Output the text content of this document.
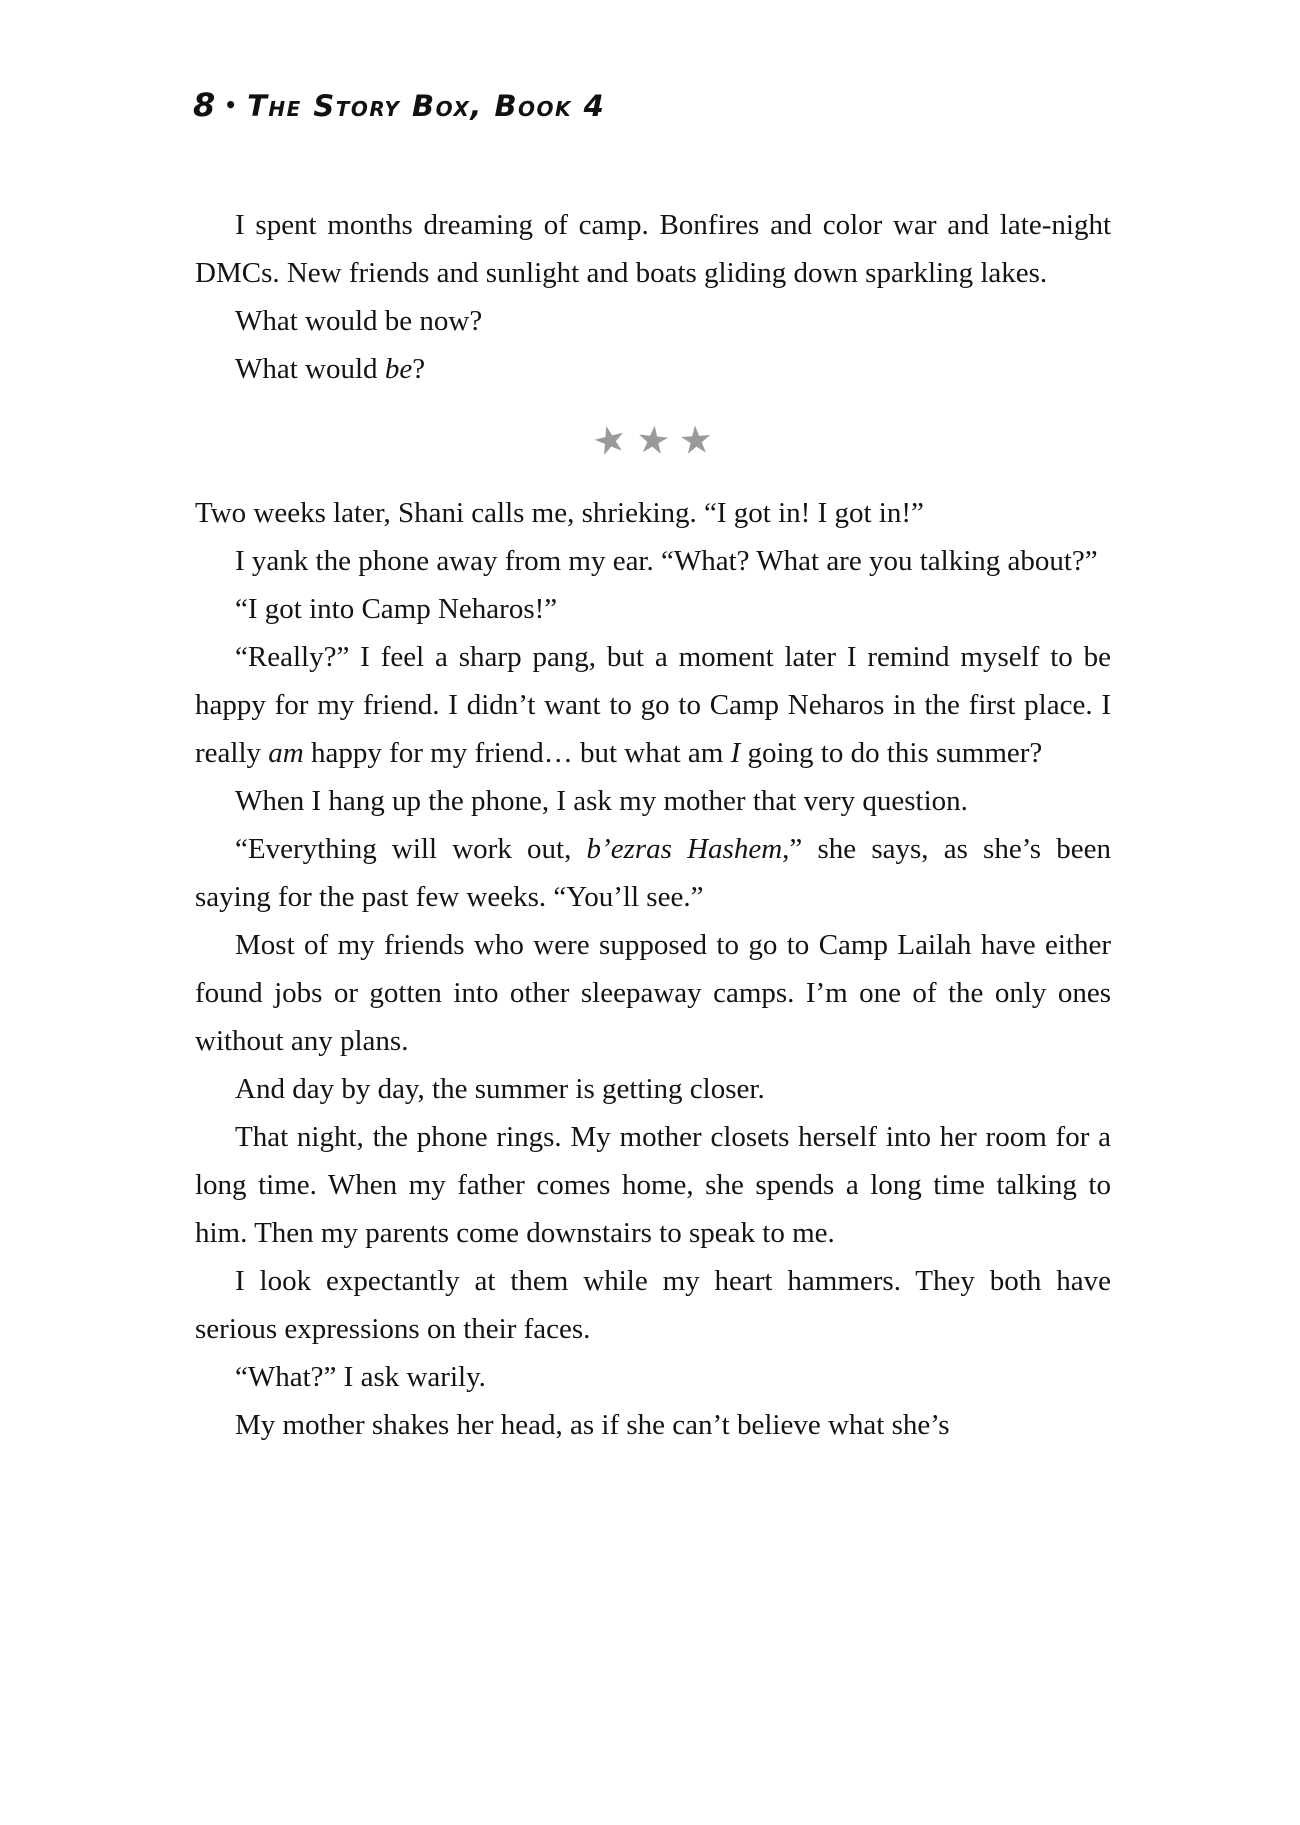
8 • The Story Box, Book 4

I spent months dreaming of camp. Bonfires and color war and late-night DMCs. New friends and sunlight and boats gliding down sparkling lakes.

What would be now?

What would be?

★ ★ ★

Two weeks later, Shani calls me, shrieking. “I got in! I got in!”

I yank the phone away from my ear. “What? What are you talking about?”

“I got into Camp Neharos!”

“Really?” I feel a sharp pang, but a moment later I remind myself to be happy for my friend. I didn’t want to go to Camp Neharos in the first place. I really am happy for my friend… but what am I going to do this summer?

When I hang up the phone, I ask my mother that very question.

“Everything will work out, b’ezras Hashem,” she says, as she’s been saying for the past few weeks. “You’ll see.”

Most of my friends who were supposed to go to Camp Lailah have either found jobs or gotten into other sleepaway camps. I’m one of the only ones without any plans.

And day by day, the summer is getting closer.

That night, the phone rings. My mother closets herself into her room for a long time. When my father comes home, she spends a long time talking to him. Then my parents come downstairs to speak to me.

I look expectantly at them while my heart hammers. They both have serious expressions on their faces.

“What?” I ask warily.

My mother shakes her head, as if she can’t believe what she’s
